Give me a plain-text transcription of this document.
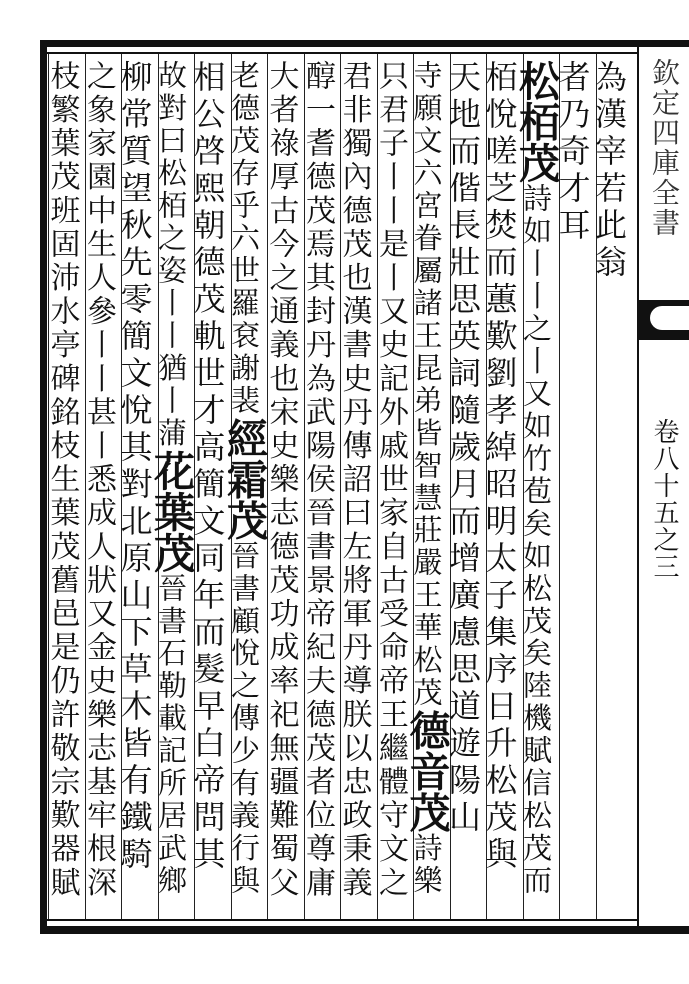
欽定四庫全書
卷八十五之三
為漢宰若此翁
者乃奇才耳
松栢茂詩如丨丨之丨又如竹苞矣如松茂矣陸機賦信松茂而
栢悅嗟芝焚而蕙歎劉孝綽昭明太子集序日升松茂與
天地而偕長壯思英詞隨歲月而增廣慮思道遊陽山
寺願文六宮眷屬諸王昆弟皆智慧莊嚴王華松茂德音茂詩樂
只君子丨丨是丨又史記外戚世家自古受命帝王繼體守文之
君非獨內德茂也漢書史丹傳詔曰左將軍丹導朕以忠政秉義
醇一耆德茂焉其封丹為武陽侯晉書景帝紀夫德茂者位尊庸
大者祿厚古今之通義也宋史樂志德茂功成率祀無疆難蜀父
老德茂存乎六世羅袞謝裴經霜茂晉書顧悅之傳少有義行與
相公啓熙朝德茂軌世才高簡文同年而髮早白帝問其
故對曰松栢之姿丨丨猶丨蒲花葉茂晉書石勒載記所居武鄉
柳常質望秋先零簡文悅其對北原山下草木皆有鐵騎
之象家園中生人參丨丨甚丨悉成人狀又金史樂志基牢根深
枝繁葉茂班固沛水亭碑銘枝生葉茂舊邑是仍許敬宗歎器賦
